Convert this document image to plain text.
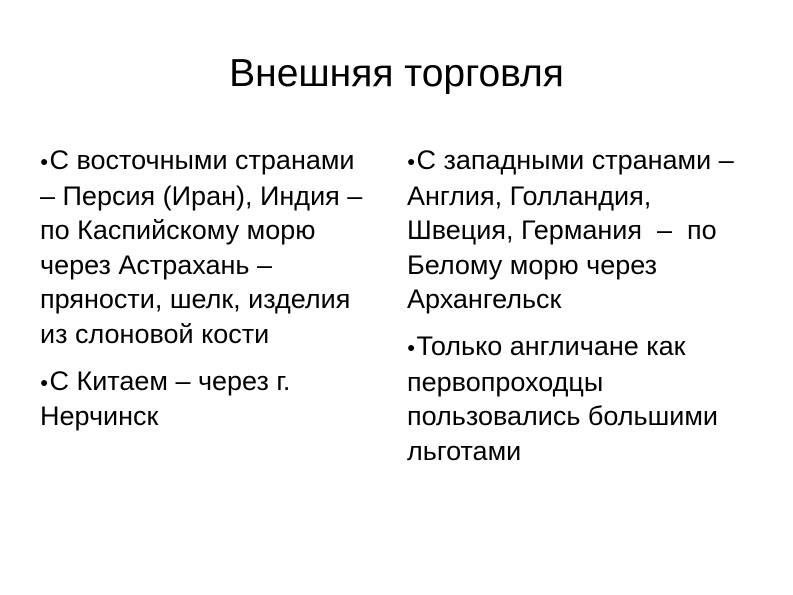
Внешняя торговля
●С восточными странами – Персия (Иран), Индия – по Каспийскому морю через Астрахань – пряности, шелк, изделия из слоновой кости
●С Китаем – через г. Нерчинск
●С западными странами – Англия, Голландия, Швеция, Германия  –  по Белому морю через Архангельск
●Только англичане как первопроходцы пользовались большими льготами
